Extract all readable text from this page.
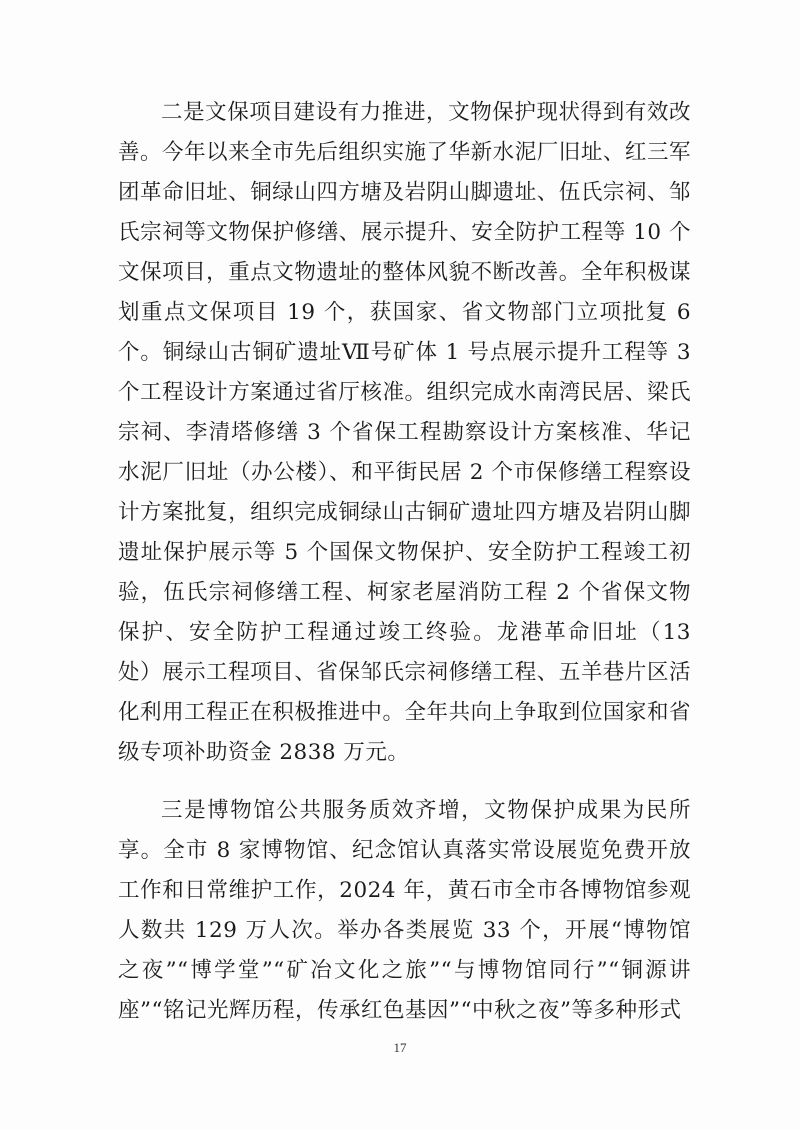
二是文保项目建设有力推进，文物保护现状得到有效改善。今年以来全市先后组织实施了华新水泥厂旧址、红三军团革命旧址、铜绿山四方塘及岩阴山脚遗址、伍氏宗祠、邹氏宗祠等文物保护修缮、展示提升、安全防护工程等 10 个文保项目，重点文物遗址的整体风貌不断改善。全年积极谋划重点文保项目 19 个，获国家、省文物部门立项批复 6 个。铜绿山古铜矿遗址Ⅶ号矿体 1 号点展示提升工程等 3 个工程设计方案通过省厅核准。组织完成水南湾民居、梁氏宗祠、李清塔修缮 3 个省保工程勘察设计方案核准、华记水泥厂旧址（办公楼）、和平街民居 2 个市保修缮工程察设计方案批复，组织完成铜绿山古铜矿遗址四方塘及岩阴山脚遗址保护展示等 5 个国保文物保护、安全防护工程竣工初验，伍氏宗祠修缮工程、柯家老屋消防工程 2 个省保文物保护、安全防护工程通过竣工终验。龙港革命旧址（13 处）展示工程项目、省保邹氏宗祠修缮工程、五羊巷片区活化利用工程正在积极推进中。全年共向上争取到位国家和省级专项补助资金 2838 万元。

三是博物馆公共服务质效齐增，文物保护成果为民所享。全市 8 家博物馆、纪念馆认真落实常设展览免费开放工作和日常维护工作，2024 年，黄石市全市各博物馆参观人数共 129 万人次。举办各类展览 33 个，开展“博物馆之夜”“博学堂”“矿冶文化之旅”“与博物馆同行”“铜源讲座”“铭记光辉历程，传承红色基因”“中秋之夜”等多种形式

17
